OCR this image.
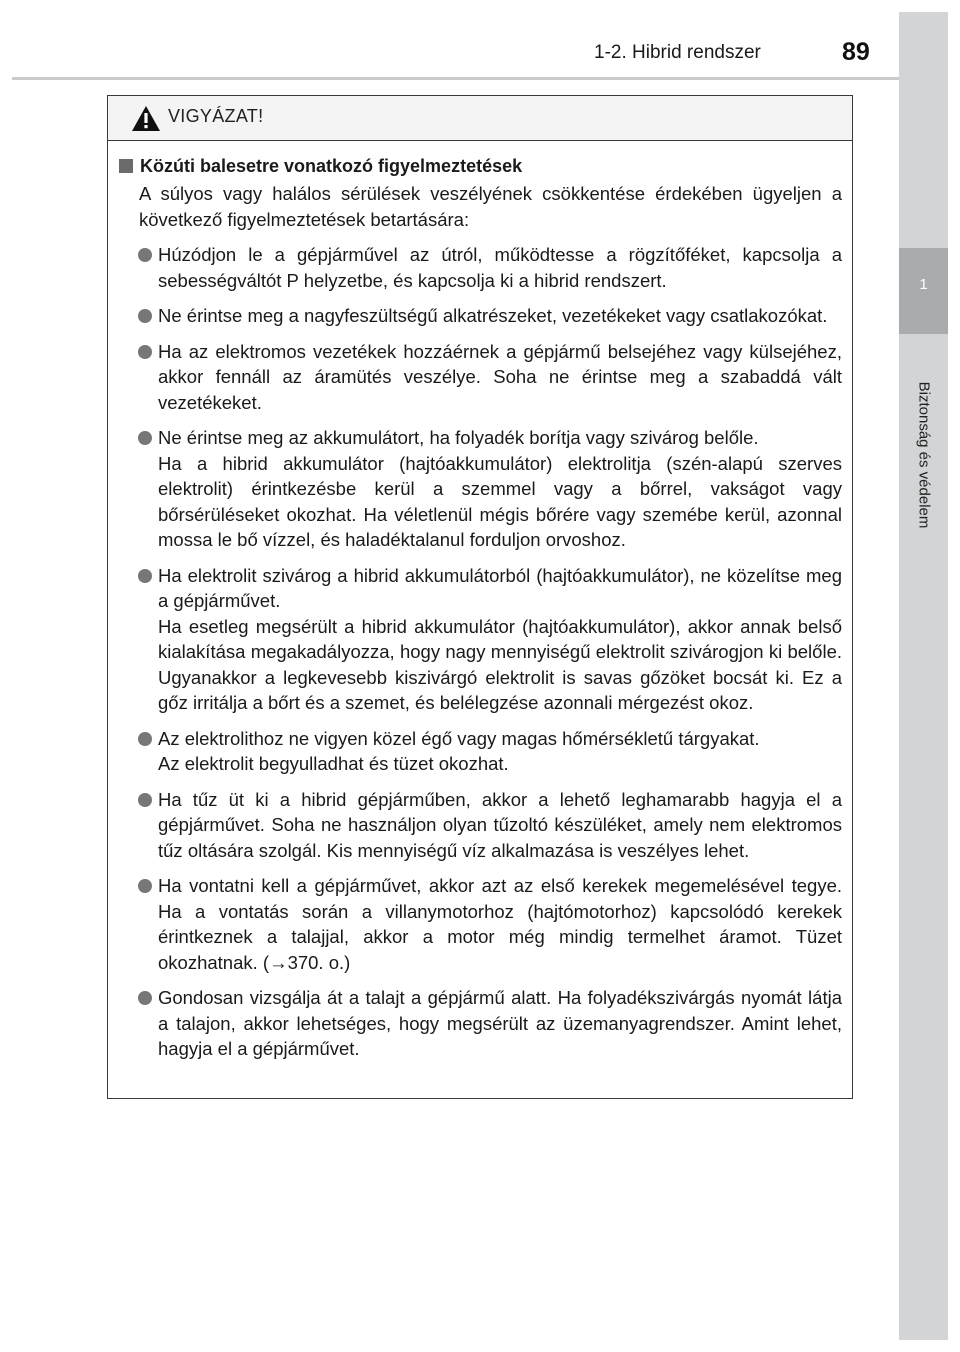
1-2. Hibrid rendszer	89
1
Biztonság és védelem
VIGYÁZAT!
Közúti balesetre vonatkozó figyelmeztetések
A súlyos vagy halálos sérülések veszélyének csökkentése érdekében ügyeljen a következő figyelmeztetések betartására:

Húzódjon le a gépjárművel az útról, működtesse a rögzítőféket, kapcsolja a sebességváltót P helyzetbe, és kapcsolja ki a hibrid rendszert.

Ne érintse meg a nagyfeszültségű alkatrészeket, vezetékeket vagy csatlakozókat.

Ha az elektromos vezetékek hozzáérnek a gépjármű belsejéhez vagy külsejéhez, akkor fennáll az áramütés veszélye. Soha ne érintse meg a szabaddá vált vezetékeket.

Ne érintse meg az akkumulátort, ha folyadék borítja vagy szivárog belőle.

Ha a hibrid akkumulátor (hajtóakkumulátor) elektrolitja (szén-alapú szerves elektrolit) érintkezésbe kerül a szemmel vagy a bőrrel, vakságot vagy bőrsérüléseket okozhat. Ha véletlenül mégis bőrére vagy szemébe kerül, azonnal mossa le bő vízzel, és haladéktalanul forduljon orvoshoz.

Ha elektrolit szivárog a hibrid akkumulátorból (hajtóakkumulátor), ne közelítse meg a gépjárművet.

Ha esetleg megsérült a hibrid akkumulátor (hajtóakkumulátor), akkor annak belső kialakítása megakadályozza, hogy nagy mennyiségű elektrolit szivárogjon ki belőle. Ugyanakkor a legkevesebb kiszivárgó elektrolit is savas gőzöket bocsát ki. Ez a gőz irritálja a bőrt és a szemet, és belélegzése azonnali mérgezést okoz.

Az elektrolithoz ne vigyen közel égő vagy magas hőmérsékletű tárgyakat.

Az elektrolit begyulladhat és tüzet okozhat.

Ha tűz üt ki a hibrid gépjárműben, akkor a lehető leghamarabb hagyja el a gépjárművet. Soha ne használjon olyan tűzoltó készüléket, amely nem elektromos tűz oltására szolgál. Kis mennyiségű víz alkalmazása is veszélyes lehet.

Ha vontatni kell a gépjárművet, akkor azt az első kerekek megemelésével tegye. Ha a vontatás során a villanymotorhoz (hajtómotorhoz) kapcsolódó kerekek érintkeznek a talajjal, akkor a motor még mindig termelhet áramot. Tüzet okozhatnak. (→370. o.)

Gondosan vizsgálja át a talajt a gépjármű alatt. Ha folyadékszivárgás nyomát látja a talajon, akkor lehetséges, hogy megsérült az üzemanyagrendszer. Amint lehet, hagyja el a gépjárművet.
